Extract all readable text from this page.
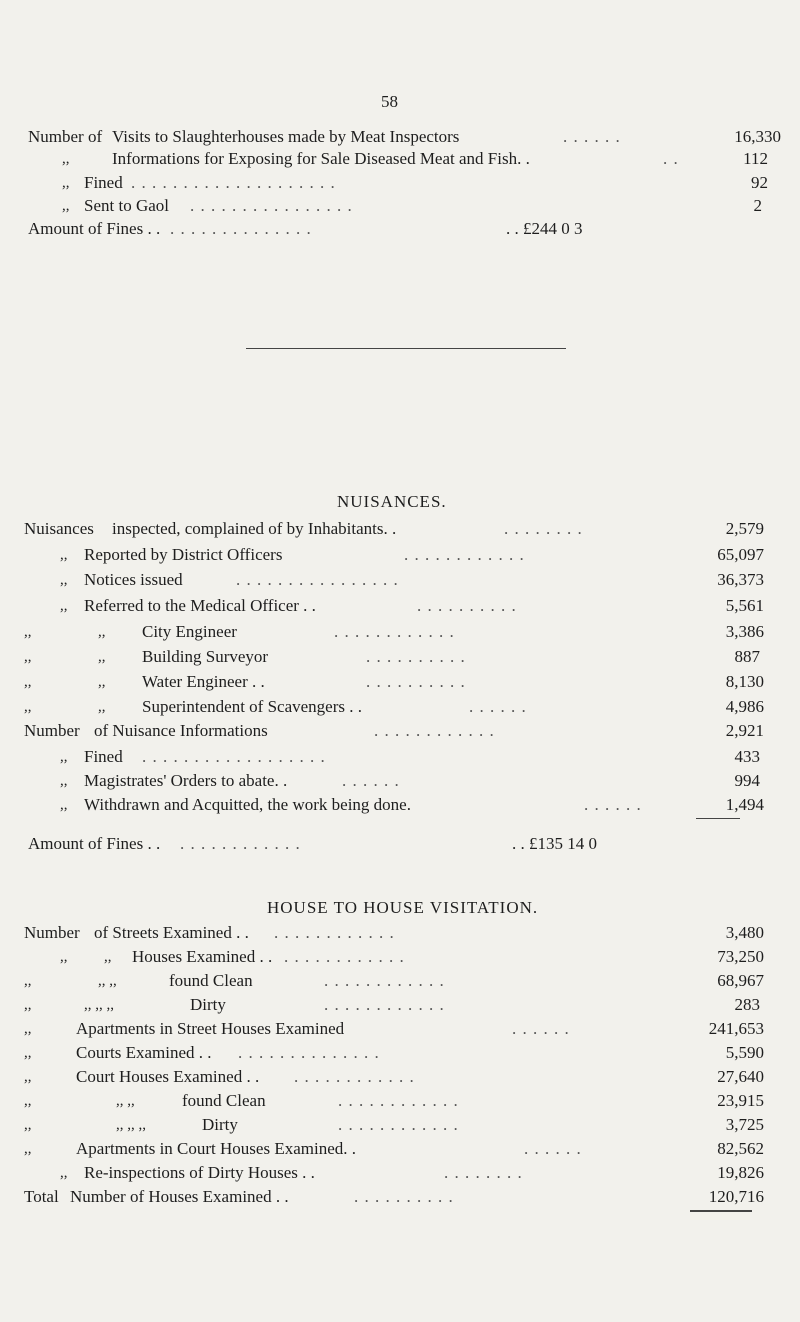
58
Number of Visits to Slaughterhouses made by Meat Inspectors	. . . . . .	16,330
,,	Informations for Exposing for Sale Diseased Meat and Fish. .	. .	112
,, Fined . . . . . . . . . . . . . . . . . . . .	92
,, Sent to Gaol . . . . . . . . . . . . . . . .	2
Amount of Fines . . . . . . . . . . . . . . . .	. . £244 0 3
NUISANCES.
Nuisances inspected, complained of by Inhabitants. .	. . . . . . . .	2,579
,, Reported by District Officers	. . . . . . . . . . . .	65,097
,, Notices issued	. . . . . . . . . . . . . . . .	36,373
,, Referred to the Medical Officer . .	. . . . . . . . . .	5,561
,,	,, City Engineer	. . . . . . . . . . . .	3,386
,,	,, Building Surveyor	. . . . . . . . . .	887
,,	,, Water Engineer . .	. . . . . . . . . .	8,130
,,	,, Superintendent of Scavengers . .	. . . . . .	4,986
Number of Nuisance Informations	. . . . . . . . . . . .	2,921
,, Fined . . . . . . . . . . . . . . . . . .	433
,, Magistrates' Orders to abate. .	. . . . . .	994
,, Withdrawn and Acquitted, the work being done.	. . . . . .	1,494
Amount of Fines . . . . . . . . . . . . . .	. . £135 14 0
HOUSE TO HOUSE VISITATION.
Number of Streets Examined . . . . . . . . . . . . . .	3,480
,, ,, Houses Examined . . . . . . . . . . . . . .	73,250
,,	,, ,,	found Clean	. . . . . . . . . . . .	68,967
,,	,, ,, ,,	Dirty	. . . . . . . . . . . .	283
,,	Apartments in Street Houses Examined	. . . . . .	241,653
,,	Courts Examined . . . . . . . . . . . . . . . .	5,590
,,	Court Houses Examined . . . . . . . . . . . . . .	27,640
,,	,, ,,	found Clean	. . . . . . . . . . . .	23,915
,,	,, ,, ,,	Dirty	. . . . . . . . . . . .	3,725
,,	Apartments in Court Houses Examined. .	. . . . . .	82,562
,, Re-inspections of Dirty Houses . .	. . . . . . . .	19,826
Total Number of Houses Examined . .	. . . . . . . . . .	120,716
